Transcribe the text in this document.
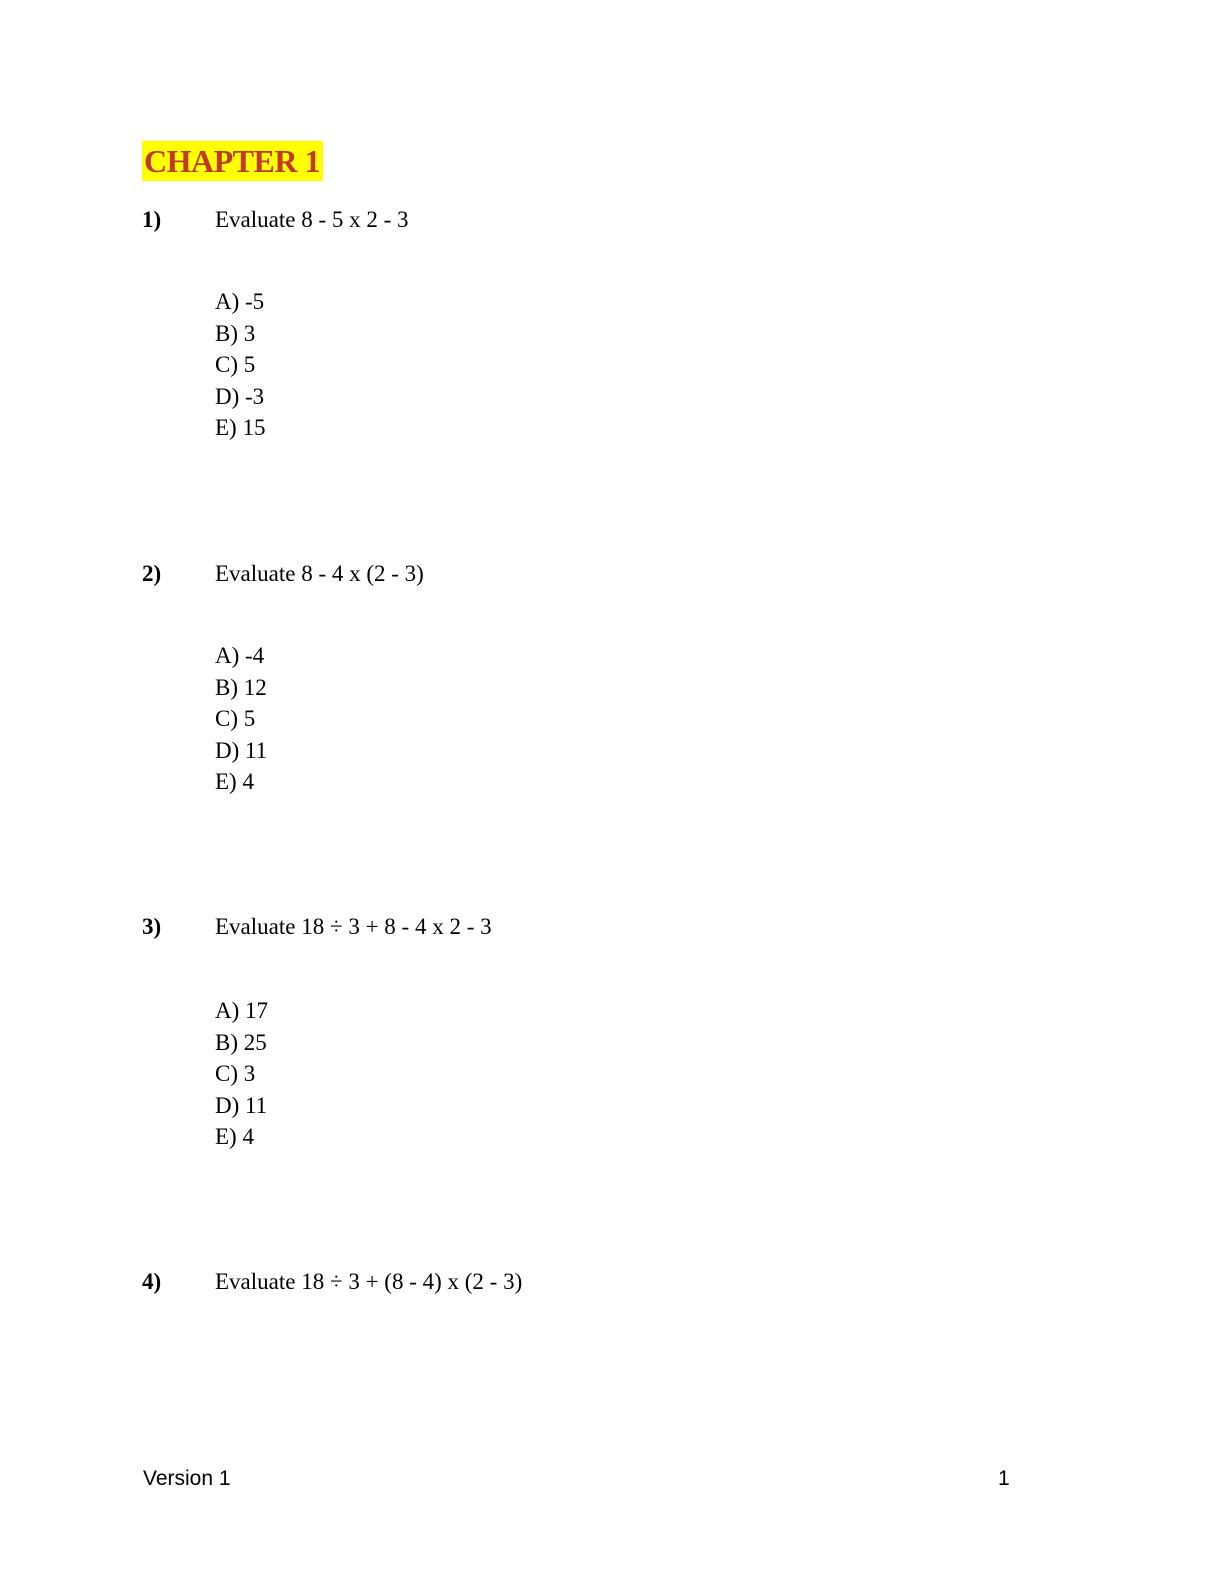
CHAPTER 1
1) Evaluate 8 - 5 x 2 - 3
A) -5
B) 3
C) 5
D) -3
E) 15
2) Evaluate 8 - 4 x (2 - 3)
A) -4
B) 12
C) 5
D) 11
E) 4
3) Evaluate 18 ÷ 3 + 8 - 4 x 2 - 3
A) 17
B) 25
C) 3
D) 11
E) 4
4) Evaluate 18 ÷ 3 + (8 - 4) x (2 - 3)
Version 1	1
